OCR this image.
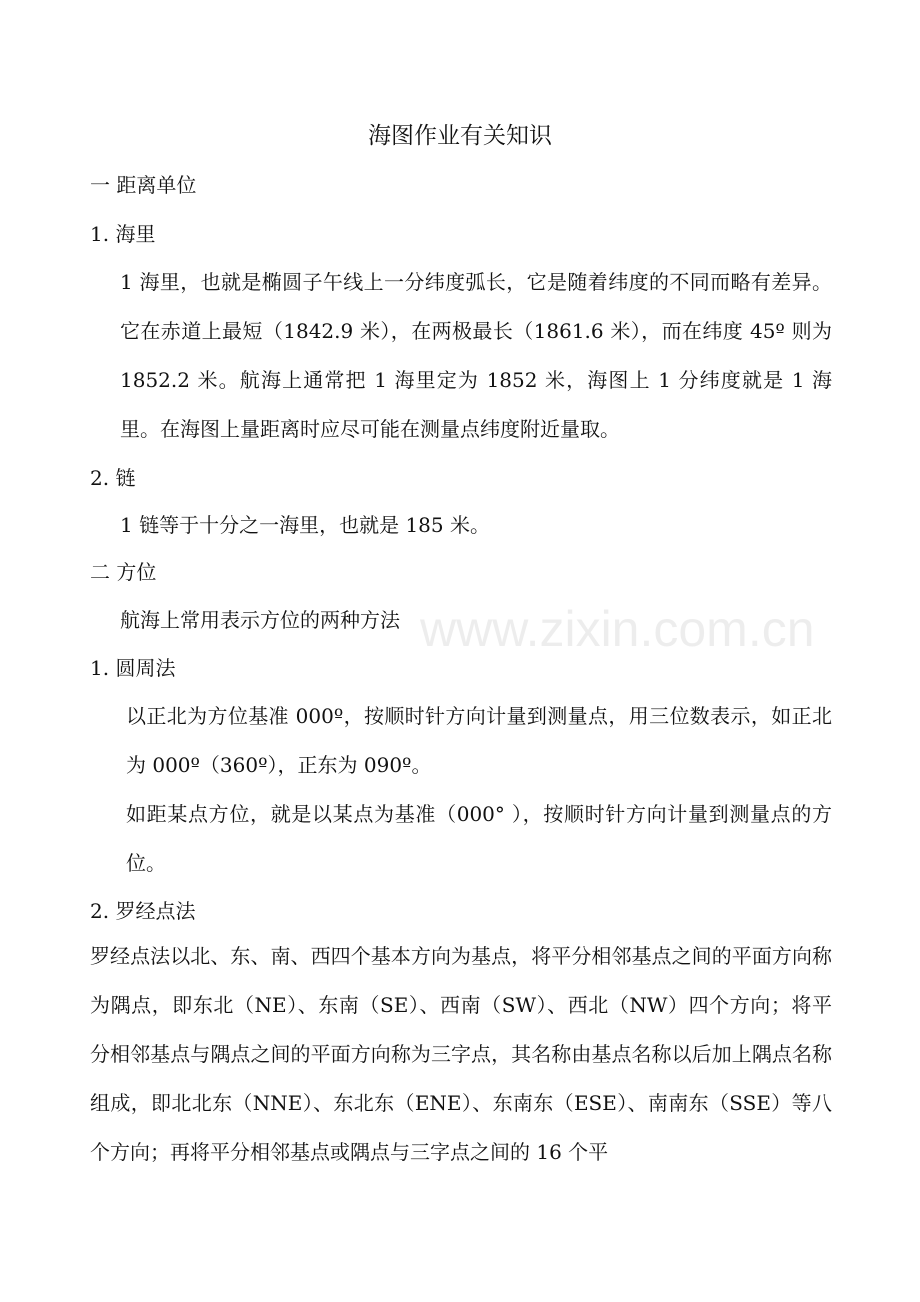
海图作业有关知识

一 距离单位

1. 海里

1 海里，也就是椭圆子午线上一分纬度弧长，它是随着纬度的不同而略有差异。它在赤道上最短（1842.9 米），在两极最长（1861.6 米），而在纬度 45º 则为 1852.2 米。航海上通常把 1 海里定为 1852 米，海图上 1 分纬度就是 1 海里。在海图上量距离时应尽可能在测量点纬度附近量取。

2. 链

1 链等于十分之一海里，也就是 185 米。

二 方位

航海上常用表示方位的两种方法

1. 圆周法

以正北为方位基准 000º，按顺时针方向计量到测量点，用三位数表示，如正北为 000º（360º），正东为 090º。

如距某点方位，就是以某点为基准（000° ），按顺时针方向计量到测量点的方位。

2. 罗经点法

罗经点法以北、东、南、西四个基本方向为基点，将平分相邻基点之间的平面方向称为隅点，即东北（NE）、东南（SE）、西南（SW）、西北（NW）四个方向；将平分相邻基点与隅点之间的平面方向称为三字点，其名称由基点名称以后加上隅点名称组成，即北北东（NNE）、东北东（ENE）、东南东（ESE）、南南东（SSE）等八个方向；再将平分相邻基点或隅点与三字点之间的 16 个平

www.zixin.com.cn
